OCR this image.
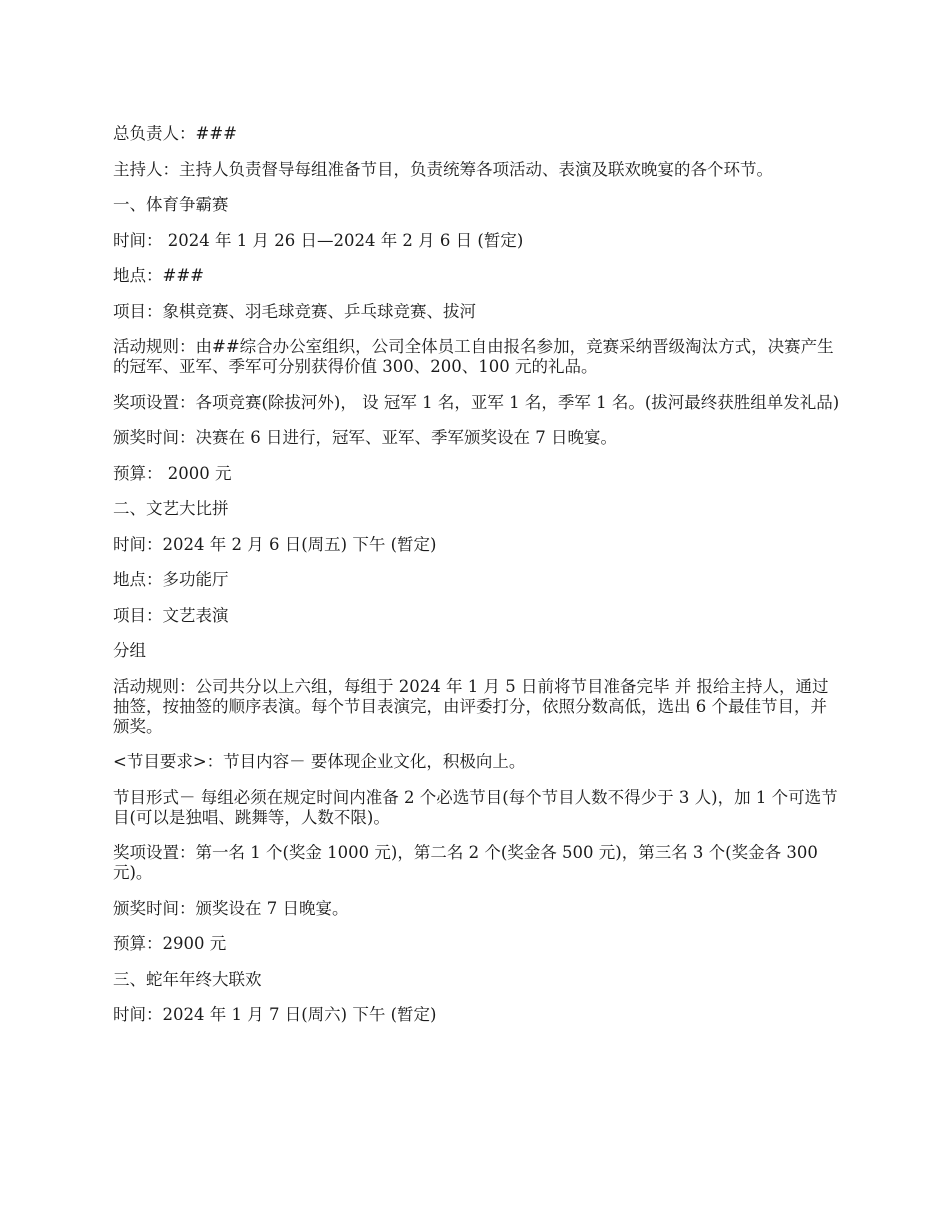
总负责人：###

主持人：主持人负责督导每组准备节目，负责统筹各项活动、表演及联欢晚宴的各个环节。

一、体育争霸赛

时间： 2024 年 1 月 26 日—2024 年 2 月 6 日 (暂定)

地点：###

项目：象棋竞赛、羽毛球竞赛、乒乓球竞赛、拔河

活动规则：由##综合办公室组织，公司全体员工自由报名参加，竞赛采纳晋级淘汰方式，决赛产生的冠军、亚军、季军可分别获得价值 300、200、100 元的礼品。

奖项设置：各项竞赛(除拔河外)， 设 冠军 1 名，亚军 1 名，季军 1 名。(拔河最终获胜组单发礼品)

颁奖时间：决赛在 6 日进行，冠军、亚军、季军颁奖设在 7 日晚宴。

预算： 2000 元

二、文艺大比拼

时间：2024 年 2 月 6 日(周五) 下午 (暂定)

地点：多功能厅

项目：文艺表演

分组

活动规则：公司共分以上六组，每组于 2024 年 1 月 5 日前将节目准备完毕 并 报给主持人，通过抽签，按抽签的顺序表演。每个节目表演完，由评委打分，依照分数高低，选出 6 个最佳节目，并颁奖。

<节目要求>：节目内容－ 要体现企业文化，积极向上。

节目形式－ 每组必须在规定时间内准备 2 个必选节目(每个节目人数不得少于 3 人)，加 1 个可选节目(可以是独唱、跳舞等，人数不限)。

奖项设置：第一名 1 个(奖金 1000 元)，第二名 2 个(奖金各 500 元)，第三名 3 个(奖金各 300 元)。

颁奖时间：颁奖设在 7 日晚宴。

预算：2900 元

三、蛇年年终大联欢

时间：2024 年 1 月 7 日(周六) 下午 (暂定)
